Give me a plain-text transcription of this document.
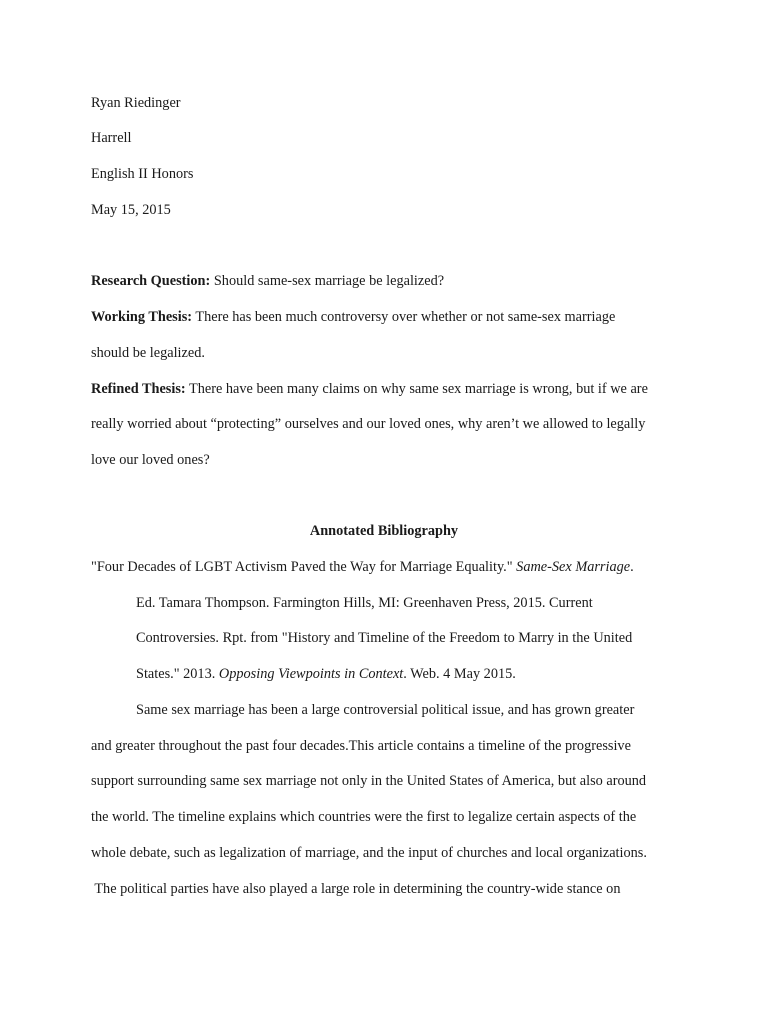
Ryan Riedinger
Harrell
English II Honors
May 15, 2015
Research Question: Should same-sex marriage be legalized?
Working Thesis: There has been much controversy over whether or not same-sex marriage
should be legalized.
Refined Thesis: There have been many claims on why same sex marriage is wrong, but if we are
really worried about “protecting” ourselves and our loved ones, why aren’t we allowed to legally
love our loved ones?
Annotated Bibliography
"Four Decades of LGBT Activism Paved the Way for Marriage Equality." Same-Sex Marriage.
Ed. Tamara Thompson. Farmington Hills, MI: Greenhaven Press, 2015. Current
Controversies. Rpt. from "History and Timeline of the Freedom to Marry in the United
States." 2013. Opposing Viewpoints in Context. Web. 4 May 2015.
Same sex marriage has been a large controversial political issue, and has grown greater
and greater throughout the past four decades.This article contains a timeline of the progressive
support surrounding same sex marriage not only in the United States of America, but also around
the world. The timeline explains which countries were the first to legalize certain aspects of the
whole debate, such as legalization of marriage, and the input of churches and local organizations.
The political parties have also played a large role in determining the country-wide stance on
